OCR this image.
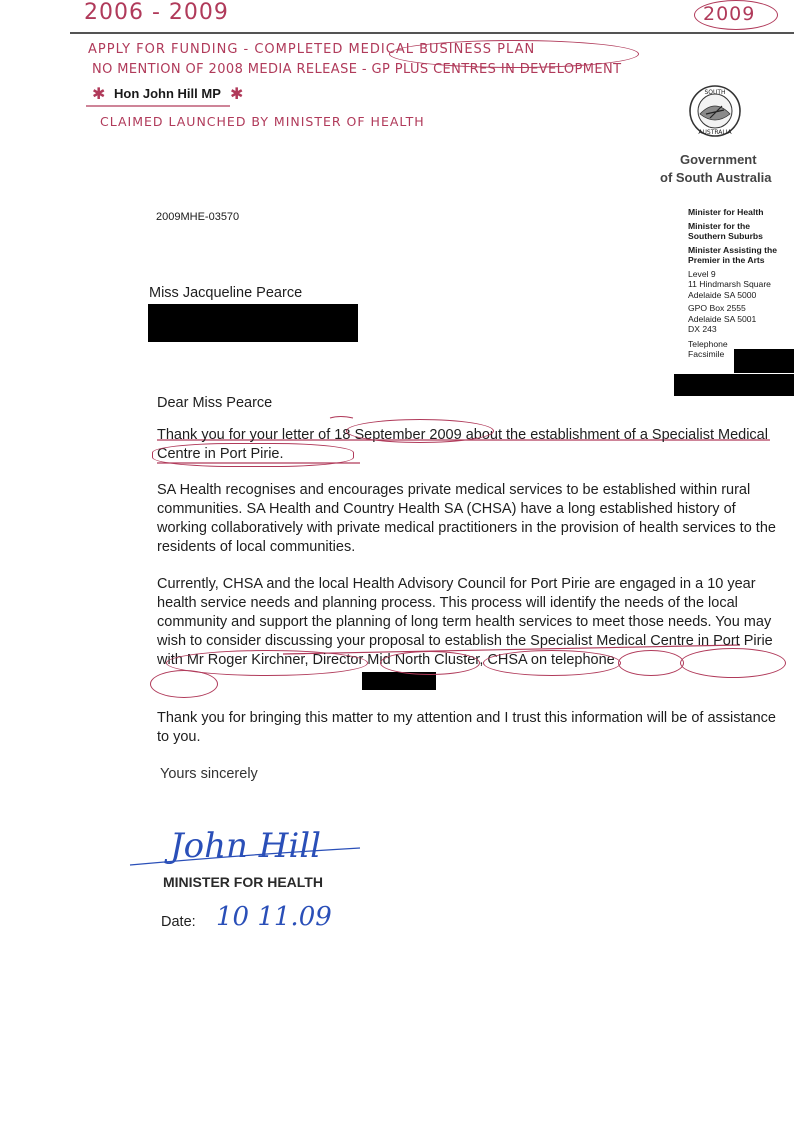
2006 - 2009	2009
APPLY FOR FUNDING - COMPLETED MEDICAL BUSINESS PLAN
NO MENTION OF 2008 MEDIA RELEASE - GP PLUS CENTRES IN DEVELOPMENT
CLAIMED LAUNCHED BY MINISTER OF HEALTH
✱ Hon John Hill MP ✱	SOUTH
AUSTRALIA
Government
of South Australia
Minister for Health
Minister for the
Southern Suburbs
Minister Assisting the
Premier in the Arts
Level 9
11 Hindmarsh Square
Adelaide SA 5000
GPO Box 2555
Adelaide SA 5001
DX 243
Telephone
Facsimile
2009MHE-03570
Miss Jacqueline Pearce
Dear Miss Pearce
Thank you for your letter of 18 September 2009 about the establishment of a Specialist Medical Centre in Port Pirie.
SA Health recognises and encourages private medical services to be established within rural communities. SA Health and Country Health SA (CHSA) have a long established history of working collaboratively with private medical practitioners in the provision of health services to the residents of local communities.
Currently, CHSA and the local Health Advisory Council for Port Pirie are engaged in a 10 year health service needs and planning process. This process will identify the needs of the local community and support the planning of long term health services to meet those needs. You may wish to consider discussing your proposal to establish the Specialist Medical Centre in Port Pirie with Mr Roger Kirchner, Director Mid North Cluster, CHSA on telephone
Thank you for bringing this matter to my attention and I trust this information will be of assistance to you.
Yours sincerely
John Hill
MINISTER FOR HEALTH
Date: 10 11.09
